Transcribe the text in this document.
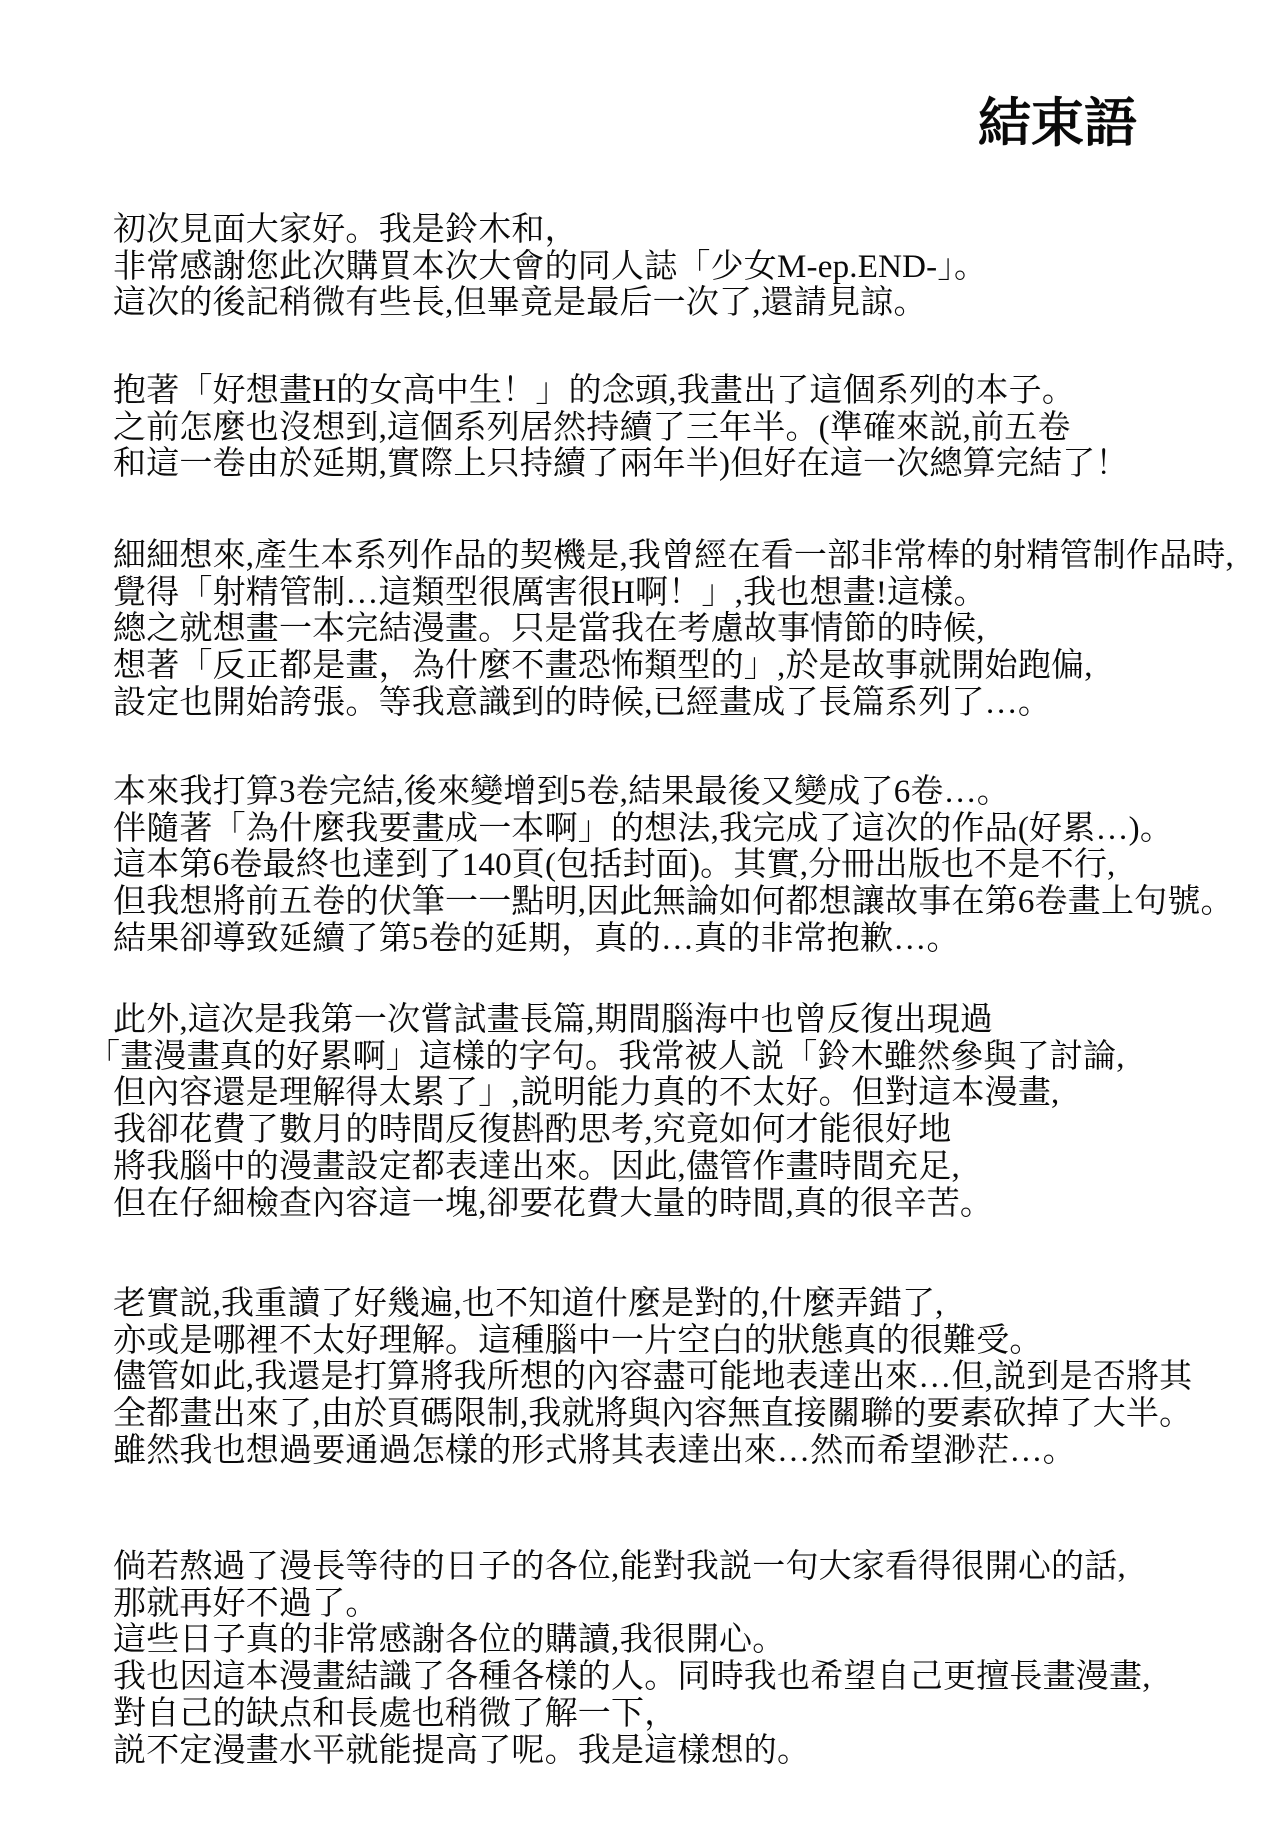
結束語
初次見面大家好。我是鈴木和，
非常感謝您此次購買本次大會的同人誌「少女M-ep.END-」。
這次的後記稍微有些長,但畢竟是最后一次了,還請見諒。
抱著「好想畫H的女高中生！」的念頭,我畫出了這個系列的本子。
之前怎麼也沒想到,這個系列居然持續了三年半。(準確來説,前五卷
和這一卷由於延期,實際上只持續了兩年半)但好在這一次總算完結了！
細細想來,產生本系列作品的契機是,我曾經在看一部非常棒的射精管制作品時,
覺得「射精管制…這類型很厲害很H啊！」,我也想畫!這樣。
總之就想畫一本完結漫畫。只是當我在考慮故事情節的時候,
想著「反正都是畫，為什麼不畫恐怖類型的」,於是故事就開始跑偏,
設定也開始誇張。等我意識到的時候,已經畫成了長篇系列了…。
本來我打算3卷完結,後來變增到5卷,結果最後又變成了6卷…。
伴隨著「為什麼我要畫成一本啊」的想法,我完成了這次的作品(好累…)。
這本第6卷最終也達到了140頁(包括封面)。其實,分冊出版也不是不行,
但我想將前五卷的伏筆一一點明,因此無論如何都想讓故事在第6卷畫上句號。
結果卻導致延續了第5卷的延期，真的…真的非常抱歉…。
此外,這次是我第一次嘗試畫長篇,期間腦海中也曾反復出現過
「畫漫畫真的好累啊」這樣的字句。我常被人説「鈴木雖然參與了討論,
但內容還是理解得太累了」,説明能力真的不太好。但對這本漫畫,
我卻花費了數月的時間反復斟酌思考,究竟如何才能很好地
將我腦中的漫畫設定都表達出來。因此,儘管作畫時間充足,
但在仔細檢查內容這一塊,卻要花費大量的時間,真的很辛苦。
老實説,我重讀了好幾遍,也不知道什麼是對的,什麼弄錯了,
亦或是哪裡不太好理解。這種腦中一片空白的狀態真的很難受。
儘管如此,我還是打算將我所想的內容盡可能地表達出來…但,説到是否將其
全都畫出來了,由於頁碼限制,我就將與內容無直接關聯的要素砍掉了大半。
雖然我也想過要通過怎樣的形式將其表達出來…然而希望渺茫…。
倘若熬過了漫長等待的日子的各位,能對我説一句大家看得很開心的話,
那就再好不過了。
這些日子真的非常感謝各位的購讀,我很開心。
我也因這本漫畫結識了各種各樣的人。同時我也希望自己更擅長畫漫畫,
對自己的缺点和長處也稍微了解一下，
説不定漫畫水平就能提高了呢。我是這樣想的。
